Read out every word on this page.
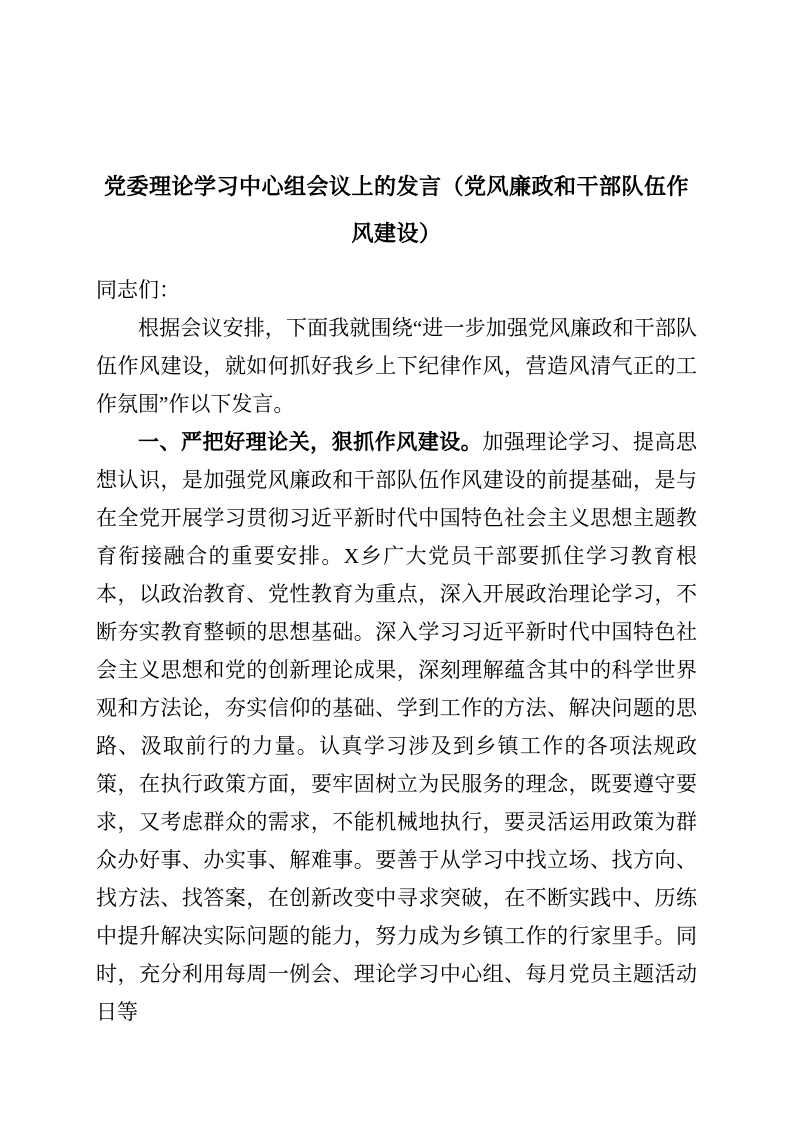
党委理论学习中心组会议上的发言（党风廉政和干部队伍作风建设）

同志们：

根据会议安排，下面我就围绕“进一步加强党风廉政和干部队伍作风建设，就如何抓好我乡上下纪律作风，营造风清气正的工作氛围”作以下发言。

一、严把好理论关，狠抓作风建设。加强理论学习、提高思想认识，是加强党风廉政和干部队伍作风建设的前提基础，是与在全党开展学习贯彻习近平新时代中国特色社会主义思想主题教育衔接融合的重要安排。X乡广大党员干部要抓住学习教育根本，以政治教育、党性教育为重点，深入开展政治理论学习，不断夯实教育整顿的思想基础。深入学习习近平新时代中国特色社会主义思想和党的创新理论成果，深刻理解蕴含其中的科学世界观和方法论，夯实信仰的基础、学到工作的方法、解决问题的思路、汲取前行的力量。认真学习涉及到乡镇工作的各项法规政策，在执行政策方面，要牢固树立为民服务的理念，既要遵守要求，又考虑群众的需求，不能机械地执行，要灵活运用政策为群众办好事、办实事、解难事。要善于从学习中找立场、找方向、找方法、找答案，在创新改变中寻求突破，在不断实践中、历练中提升解决实际问题的能力，努力成为乡镇工作的行家里手。同时，充分利用每周一例会、理论学习中心组、每月党员主题活动日等
